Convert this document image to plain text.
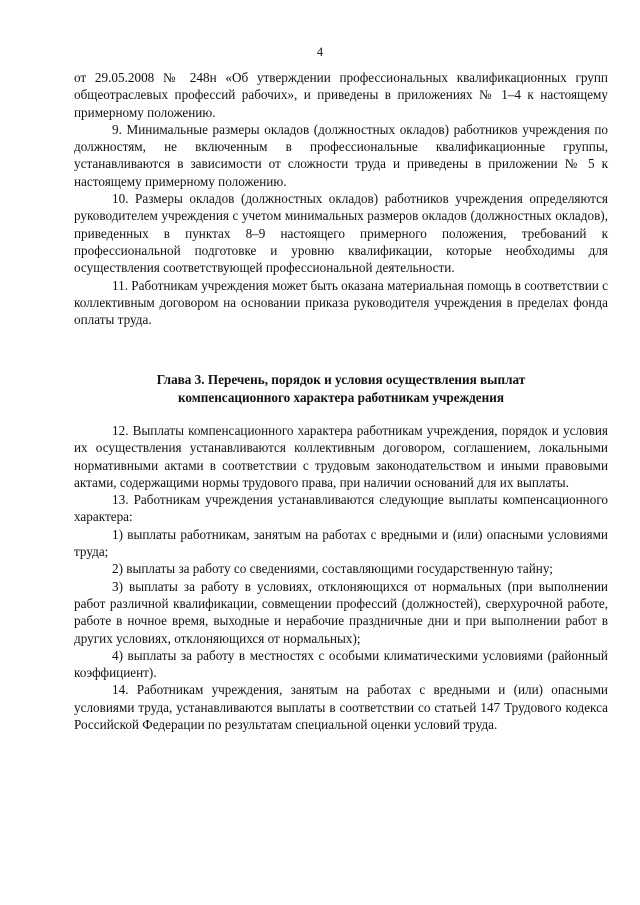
4

от 29.05.2008 № 248н «Об утверждении профессиональных квалификационных групп общеотраслевых профессий рабочих», и приведены в приложениях № 1–4 к настоящему примерному положению.

9. Минимальные размеры окладов (должностных окладов) работников учреждения по должностям, не включенным в профессиональные квалификационные группы, устанавливаются в зависимости от сложности труда и приведены в приложении № 5 к настоящему примерному положению.

10. Размеры окладов (должностных окладов) работников учреждения определяются руководителем учреждения с учетом минимальных размеров окладов (должностных окладов), приведенных в пунктах 8–9 настоящего примерного положения, требований к профессиональной подготовке и уровню квалификации, которые необходимы для осуществления соответствующей профессиональной деятельности.

11. Работникам учреждения может быть оказана материальная помощь в соответствии с коллективным договором на основании приказа руководителя учреждения в пределах фонда оплаты труда.

Глава 3. Перечень, порядок и условия осуществления выплат
компенсационного характера работникам учреждения

12. Выплаты компенсационного характера работникам учреждения, порядок и условия их осуществления устанавливаются коллективным договором, соглашением, локальными нормативными актами в соответствии с трудовым законодательством и иными правовыми актами, содержащими нормы трудового права, при наличии оснований для их выплаты.

13. Работникам учреждения устанавливаются следующие выплаты компенсационного характера:

1) выплаты работникам, занятым на работах с вредными и (или) опасными условиями труда;

2) выплаты за работу со сведениями, составляющими государственную тайну;

3) выплаты за работу в условиях, отклоняющихся от нормальных (при выполнении работ различной квалификации, совмещении профессий (должностей), сверхурочной работе, работе в ночное время, выходные и нерабочие праздничные дни и при выполнении работ в других условиях, отклоняющихся от нормальных);

4) выплаты за работу в местностях с особыми климатическими условиями (районный коэффициент).

14. Работникам учреждения, занятым на работах с вредными и (или) опасными условиями труда, устанавливаются выплаты в соответствии со статьей 147 Трудового кодекса Российской Федерации по результатам специальной оценки условий труда.
